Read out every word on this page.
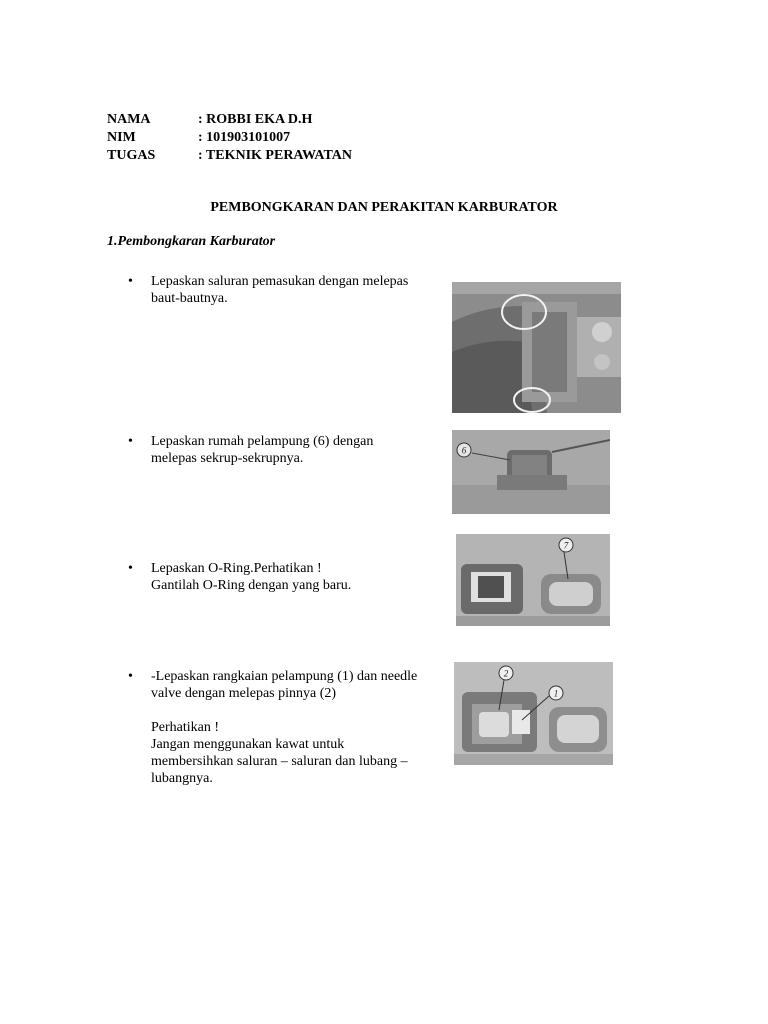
NAMA	: ROBBI EKA D.H
NIM	: 101903101007
TUGAS	: TEKNIK PERAWATAN
PEMBONGKARAN DAN PERAKITAN KARBURATOR
1.Pembongkaran Karburator
• Lepaskan saluran pemasukan dengan melepas

baut-bautnya.

• Lepaskan rumah pelampung (6) dengan

melepas sekrup-sekrupnya.

6
• Lepaskan O-Ring.Perhatikan !

Gantilah O-Ring dengan yang baru.

7
• -Lepaskan rangkaian pelampung (1) dan needle

valve dengan melepas pinnya (2)

Perhatikan !

Jangan menggunakan kawat untuk

membersihkan saluran – saluran dan lubang –

lubangnya.

2
1
